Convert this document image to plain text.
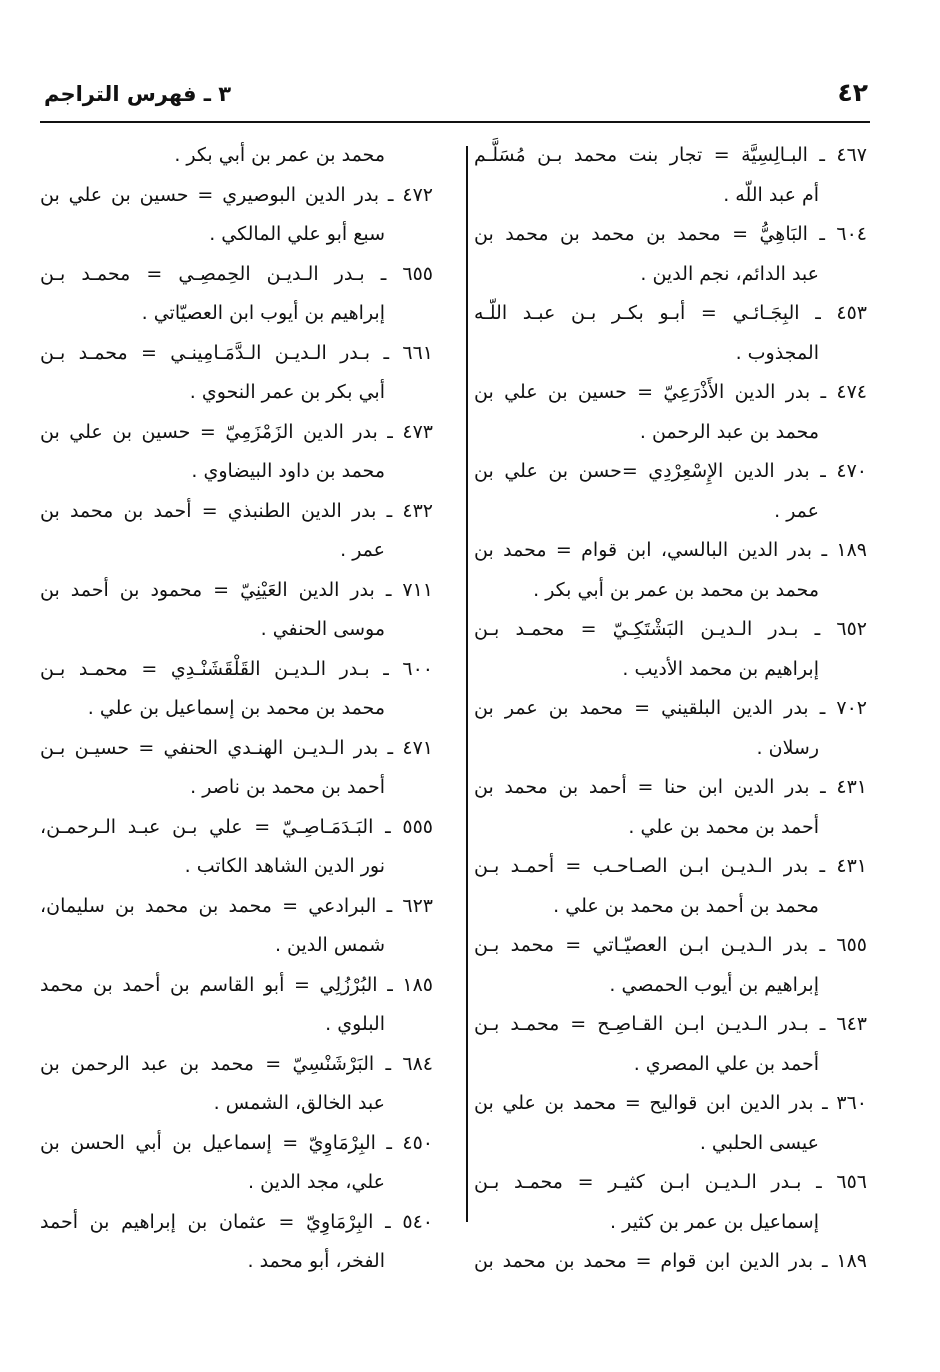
٤٢
٣ ـ فهرس التراجم
٤٦٧ ـ البـالِسِيَّة = تجار بنت محمد بـن مُسَلَّـم
أم عبد اللّه .
٦٠٤ ـ البَاهِيُّ = محمد بن محمد بن محمد بن
عبد الدائم، نجم الدين .
٤٥٣ ـ البِجَـائـي = أبـو بكـر بـن عبـد اللّـه
المجذوب .
٤٧٤ ـ بدر الدين الأَذْرَعِيّ = حسين بن علي بن
محمد بن عبد الرحمن .
٤٧٠ ـ بدر الدين الإِسْعِرْدِي =حسن بن علي بن
عمر .
١٨٩ ـ بدر الدين البالسي، ابن قوام = محمد بن
محمد بن محمد بن عمر بن أبي بكر .
٦٥٢ ـ بـدر الـديـن البَشْتَكِـيّ = محمـد بـن
إبراهيم بن محمد الأديب .
٧٠٢ ـ بدر الدين البلقيني = محمد بن عمر بن
رسلان .
٤٣١ ـ بدر الدين ابن حنا = أحمد بن محمد بن
أحمد بن محمد بن علي .
٤٣١ ـ بدر الـديـن ابـن الصـاحـب = أحمـد بـن
محمد بن أحمد بن محمد بن علي .
٦٥٥ ـ بدر الـديـن ابـن العصيّـاتي = محمد بـن
إبراهيم بن أيوب الحمصي .
٦٤٣ ـ بـدر الـديـن ابـن القـاصِـح = محمـد بـن
أحمد بن علي المصري .
٣٦٠ ـ بدر الدين ابن قواليح = محمد بن علي بن
عيسى الحلبي .
٦٥٦ ـ بـدر الـديـن ابـن كثيـر = محمـد بـن
إسماعيل بن عمر بن كثير .
١٨٩ ـ بدر الدين ابن قوام = محمد بن محمد بن
محمد بن عمر بن أبي بكر .
٤٧٢ ـ بدر الدين البوصيري = حسين بن علي بن
سبع أبو علي المالكي .
٦٥٥ ـ بـدر الـديـن الحِمصِـي = محمـد بـن
إبراهيم بن أيوب ابن العصيّاتي .
٦٦١ ـ بـدر الـديـن الـدَّمَـامِينـي = محمـد بـن
أبي بكر بن عمر النحوي .
٤٧٣ ـ بدر الدين الزَمْزَمِيّ = حسين بن علي بن
محمد بن داود البيضاوي .
٤٣٢ ـ بدر الدين الطنبذي = أحمد بن محمد بن
عمر .
٧١١ ـ بدر الدين العَيْنِيّ = محمود بن أحمد بن
موسى الحنفي .
٦٠٠ ـ بـدر الـديـن القَلْقَشَنْـدِي = محمـد بـن
محمد بن محمد بن إسماعيل بن علي .
٤٧١ ـ بدر الـديـن الهنـدي الحنفي = حسيـن بـن
أحمد بن محمد بن ناصر .
٥٥٥ ـ البَـدَمَـاصِـيّ = علي بـن عبـد الـرحمـن،
نور الدين الشاهد الكاتب .
٦٢٣ ـ البرادعي = محمد بن محمد بن سليمان،
شمس الدين .
١٨٥ ـ البُرْزُلِي = أبو القاسم بن أحمد بن محمد
البلوي .
٦٨٤ ـ البَرْشَنْسِيّ = محمد بن عبد الرحمن بن
عبد الخالق، الشمس .
٤٥٠ ـ البِرْمَاوِيّ = إسماعيل بن أبي الحسن بن
علي، مجد الدين .
٥٤٠ ـ البِرْمَاوِيّ = عثمان بن إبراهيم بن أحمد
الفخر، أبو محمد .
